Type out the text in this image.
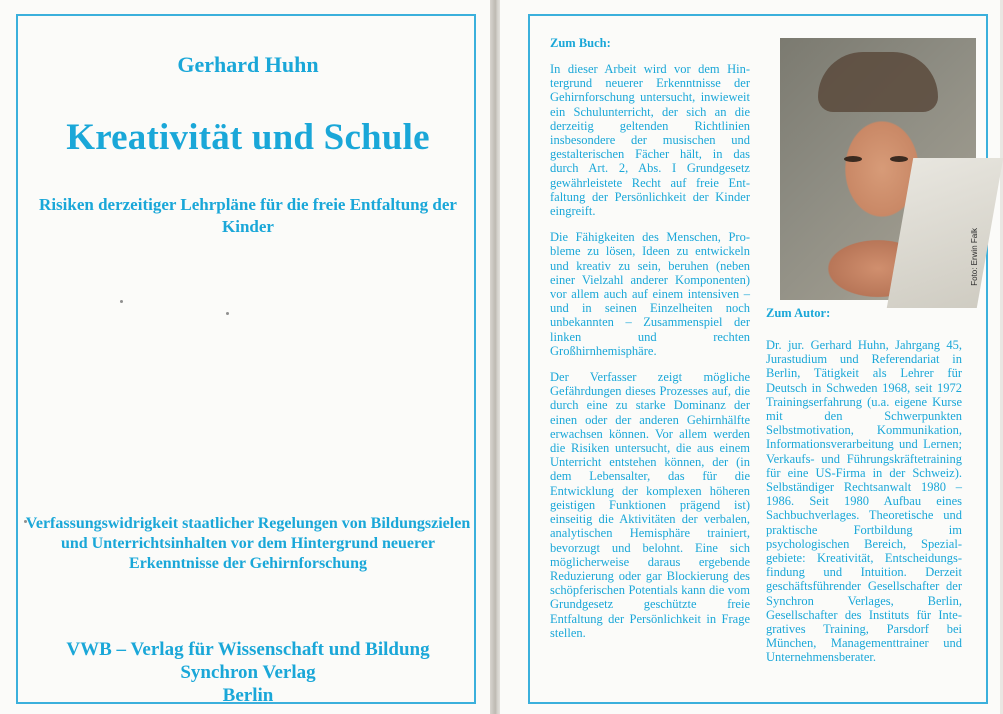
Gerhard Huhn
Kreativität und Schule
Risiken derzeitiger Lehrpläne für die freie Entfaltung der Kinder
Verfassungswidrigkeit staatlicher Regelungen von Bildungszielen und Unterrichtsinhalten vor dem Hintergrund neuerer Erkenntnisse der Gehirnforschung
VWB – Verlag für Wissenschaft und Bildung
Synchron Verlag
Berlin
Zum Buch:

In dieser Arbeit wird vor dem Hintergrund neuerer Erkenntnisse der Gehirnforschung untersucht, inwieweit ein Schulunterricht, der sich an die derzeitig geltenden Richtlinien insbesondere der musischen und gestalterischen Fächer hält, in das durch Art. 2, Abs. I Grundgesetz gewährleistete Recht auf freie Entfaltung der Persönlichkeit der Kinder eingreift.

Die Fähigkeiten des Menschen, Probleme zu lösen, Ideen zu entwickeln und kreativ zu sein, beruhen (neben einer Vielzahl anderer Komponenten) vor allem auch auf einem intensiven – und in seinen Einzelheiten noch unbekannten – Zusammenspiel der linken und rechten Großhirnhemisphäre.

Der Verfasser zeigt mögliche Gefährdungen dieses Prozesses auf, die durch eine zu starke Dominanz der einen oder der anderen Gehirnhälfte erwachsen können. Vor allem werden die Risiken untersucht, die aus einem Unterricht entstehen können, der (in dem Lebensalter, das für die Entwicklung der komplexen höheren geistigen Funktionen prägend ist) einseitig die Aktivitäten der verbalen, analytischen Hemisphäre trainiert, bevorzugt und belohnt. Eine sich möglicherweise daraus ergebende Reduzierung oder gar Blockierung des schöpferischen Potentials kann die vom Grundgesetz geschützte freie Entfaltung der Persönlichkeit in Frage stellen.

Foto: Erwin Falk
Zum Autor:

Dr. jur. Gerhard Huhn, Jahrgang 45, Jurastudium und Referendariat in Berlin, Tätigkeit als Lehrer für Deutsch in Schweden 1968, seit 1972 Trainingserfahrung (u.a. eigene Kurse mit den Schwerpunkten Selbstmotivation, Kommunikation, Informationsverarbeitung und Lernen; Verkaufs- und Führungskräftetraining für eine US-Firma in der Schweiz). Selbständiger Rechtsanwalt 1980 – 1986. Seit 1980 Aufbau eines Sachbuchverlages. Theoretische und praktische Fortbildung im psychologischen Bereich, Spezialgebiete: Kreativität, Entscheidungsfindung und Intuition. Derzeit geschäftsführender Gesellschafter der Synchron Verlages, Berlin, Gesellschafter des Instituts für Integratives Training, Parsdorf bei München, Managementtrainer und Unternehmensberater.
